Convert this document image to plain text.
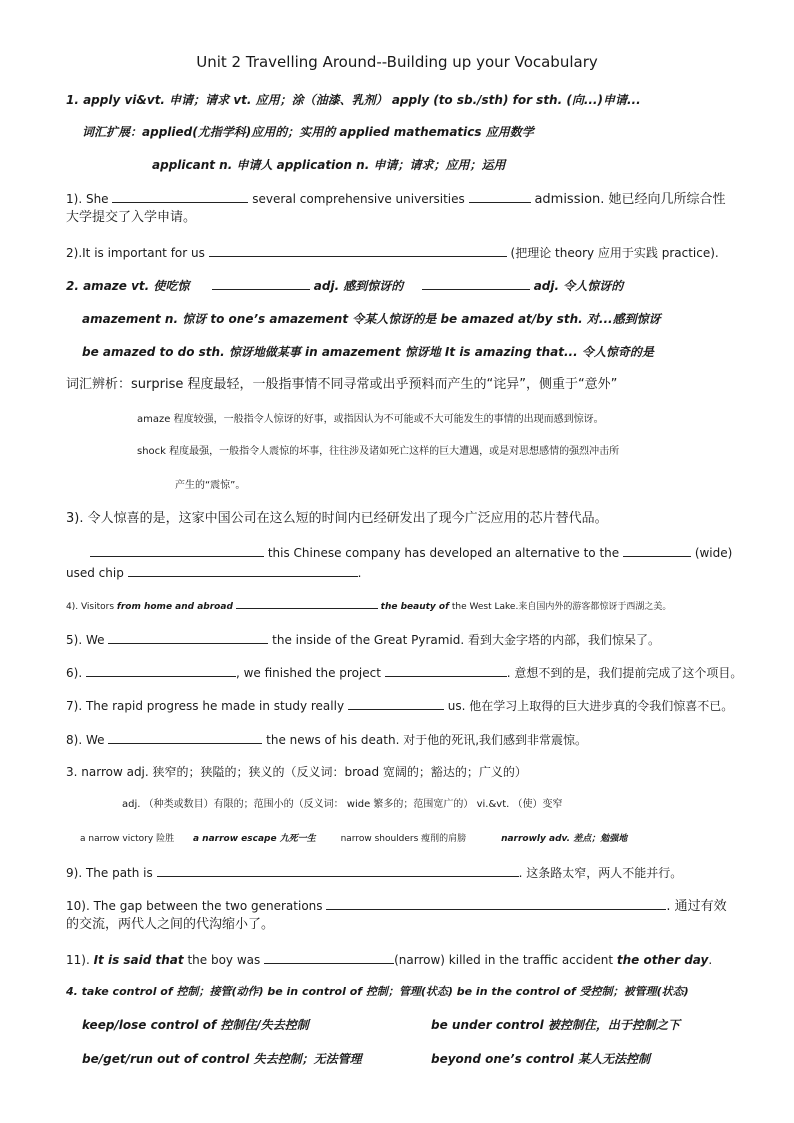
Unit 2 Travelling Around--Building up your Vocabulary
1. apply vi&vt. 申请；请求 vt. 应用；涂（油漆、乳剂） apply (to sb./sth) for sth. (向...)申请...
词汇扩展：applied(尤指学科)应用的；实用的 applied mathematics 应用数学
applicant n. 申请人 application n. 申请；请求；应用；运用
1). She	several comprehensive universities	admission. 她已经向几所综合性
大学提交了入学申请。
2).It is important for us	(把理论 theory 应用于实践 practice).
2. amaze vt. 使吃惊	adj. 感到惊讶的	adj. 令人惊讶的
amazement n. 惊讶 to one’s amazement 令某人惊讶的是 be amazed at/by sth. 对...感到惊讶
be amazed to do sth. 惊讶地做某事 in amazement 惊讶地 It is amazing that... 令人惊奇的是
词汇辨析：surprise 程度最轻，一般指事情不同寻常或出乎预料而产生的“诧异”，侧重于“意外”
amaze 程度较强，一般指令人惊讶的好事，或指因认为不可能或不大可能发生的事情的出现而感到惊讶。
shock 程度最强，一般指令人震惊的坏事，往往涉及诸如死亡这样的巨大遭遇，或是对思想感情的强烈冲击所
产生的“震惊”。
3). 令人惊喜的是，这家中国公司在这么短的时间内已经研发出了现今广泛应用的芯片替代品。
this Chinese company has developed an alternative to the	(wide)
used chip	.
4). Visitors from home and abroad	the beauty of the West Lake.来自国内外的游客都惊讶于西湖之美。
5). We	the inside of the Great Pyramid. 看到大金字塔的内部，我们惊呆了。
6).	, we finished the project	. 意想不到的是，我们提前完成了这个项目。
7). The rapid progress he made in study really	us. 他在学习上取得的巨大进步真的令我们惊喜不已。
8). We	the news of his death. 对于他的死讯,我们感到非常震惊。
3. narrow adj. 狭窄的；狭隘的；狭义的（反义词：broad 宽阔的；豁达的；广义的）
adj. （种类或数目）有限的；范围小的（反义词： wide 繁多的；范围宽广的） vi.&vt. （使）变窄
a narrow victory 险胜 a narrow escape 九死一生	narrow shoulders 瘦削的肩膀	narrowly adv. 差点；勉强地
9). The path is	. 这条路太窄，两人不能并行。
10). The gap between the two generations	. 通过有效
的交流，两代人之间的代沟缩小了。
11). It is said that the boy was	(narrow) killed in the traffic accident the other day.
4. take control of 控制；接管(动作) be in control of 控制；管理(状态) be in the control of 受控制；被管理(状态)
keep/lose control of 控制住/失去控制	be under control 被控制住，出于控制之下
be/get/run out of control 失去控制；无法管理	beyond one’s control 某人无法控制
